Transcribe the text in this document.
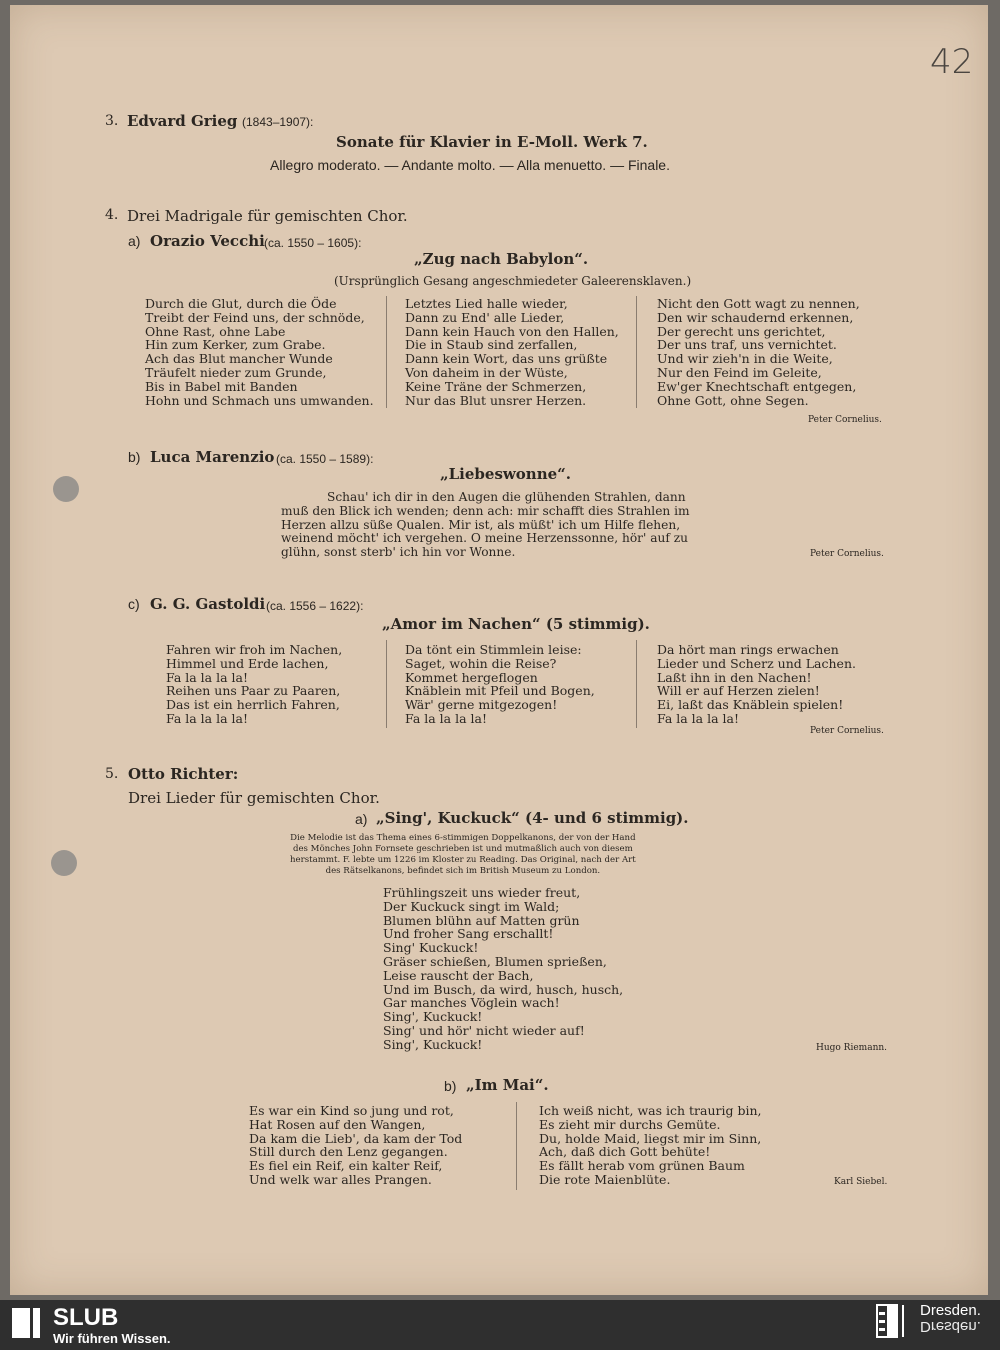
42
3. Edvard Grieg (1843–1907):
Sonate für Klavier in E-Moll. Werk 7.
Allegro moderato. — Andante molto. — Alla menuetto. — Finale.
4. Drei Madrigale für gemischten Chor.
a) Orazio Vecchi (ca. 1550 – 1605):
„Zug nach Babylon“.
(Ursprünglich Gesang angeschmiedeter Galeerensklaven.)
Durch die Glut, durch die Öde
Treibt der Feind uns, der schnöde,
Ohne Rast, ohne Labe
Hin zum Kerker, zum Grabe.
Ach das Blut mancher Wunde
Träufelt nieder zum Grunde,
Bis in Babel mit Banden
Hohn und Schmach uns umwanden.
Letztes Lied halle wieder,
Dann zu End' alle Lieder,
Dann kein Hauch von den Hallen,
Die in Staub sind zerfallen,
Dann kein Wort, das uns grüßte
Von daheim in der Wüste,
Keine Träne der Schmerzen,
Nur das Blut unsrer Herzen.
Nicht den Gott wagt zu nennen,
Den wir schaudernd erkennen,
Der gerecht uns gerichtet,
Der uns traf, uns vernichtet.
Und wir zieh'n in die Weite,
Nur den Feind im Geleite,
Ew'ger Knechtschaft entgegen,
Ohne Gott, ohne Segen.
Peter Cornelius.
b) Luca Marenzio (ca. 1550 – 1589):
„Liebeswonne“.
Schau' ich dir in den Augen die glühenden Strahlen, dann
muß den Blick ich wenden; denn ach: mir schafft dies Strahlen im
Herzen allzu süße Qualen. Mir ist, als müßt' ich um Hilfe flehen,
weinend möcht' ich vergehen. O meine Herzenssonne, hör' auf zu
glühn, sonst sterb' ich hin vor Wonne.	Peter Cornelius.
c) G. G. Gastoldi (ca. 1556 – 1622):
„Amor im Nachen“ (5 stimmig).
Fahren wir froh im Nachen,
Himmel und Erde lachen,
Fa la la la la!
Reihen uns Paar zu Paaren,
Das ist ein herrlich Fahren,
Fa la la la la!
Da tönt ein Stimmlein leise:
Saget, wohin die Reise?
Kommet hergeflogen
Knäblein mit Pfeil und Bogen,
Wär' gerne mitgezogen!
Fa la la la la!
Da hört man rings erwachen
Lieder und Scherz und Lachen.
Laßt ihn in den Nachen!
Will er auf Herzen zielen!
Ei, laßt das Knäblein spielen!
Fa la la la la!
Peter Cornelius.
5. Otto Richter:
Drei Lieder für gemischten Chor.
a) „Sing', Kuckuck“ (4- und 6 stimmig).
Die Melodie ist das Thema eines 6-stimmigen Doppelkanons, der von der Hand
des Mönches John Fornsete geschrieben ist und mutmaßlich auch von diesem
herstammt. F. lebte um 1226 im Kloster zu Reading. Das Original, nach der Art
des Rätselkanons, befindet sich im British Museum zu London.
Frühlingszeit uns wieder freut,
Der Kuckuck singt im Wald;
Blumen blühn auf Matten grün
Und froher Sang erschallt!
Sing' Kuckuck!
Gräser schießen, Blumen sprießen,
Leise rauscht der Bach,
Und im Busch, da wird, husch, husch,
Gar manches Vöglein wach!
Sing', Kuckuck!
Sing' und hör' nicht wieder auf!
Sing', Kuckuck!	Hugo Riemann.
b) „Im Mai“.
Es war ein Kind so jung und rot,
Hat Rosen auf den Wangen,
Da kam die Lieb', da kam der Tod
Still durch den Lenz gegangen.
Es fiel ein Reif, ein kalter Reif,
Und welk war alles Prangen.
Ich weiß nicht, was ich traurig bin,
Es zieht mir durchs Gemüte.
Du, holde Maid, liegst mir im Sinn,
Ach, daß dich Gott behüte!
Es fällt herab vom grünen Baum
Die rote Maienblüte.	Karl Siebel.
SLUB
Wir führen Wissen.
Dresden.
Dresden.
